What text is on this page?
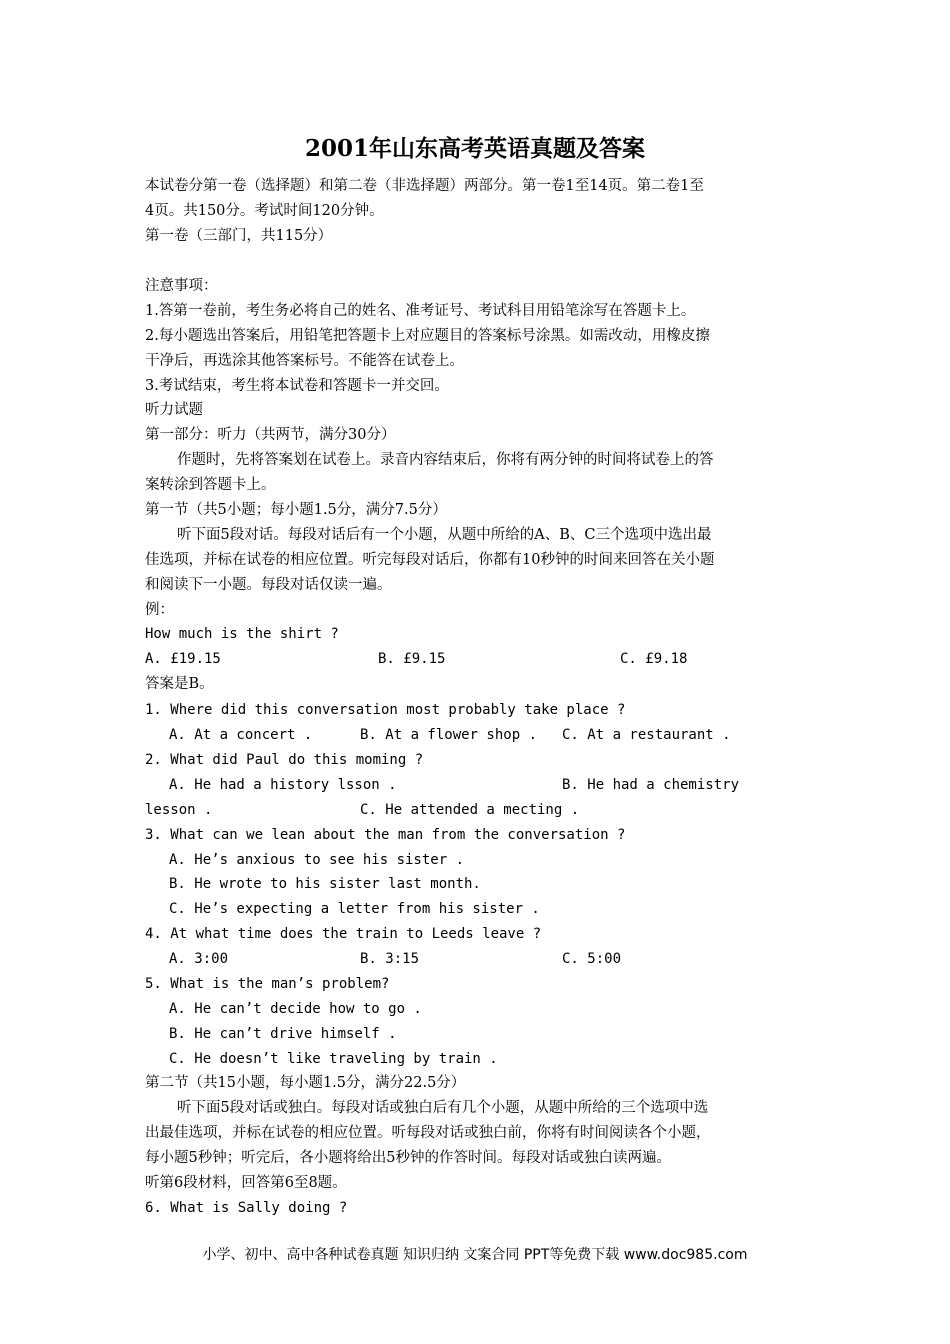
2001年山东高考英语真题及答案
本试卷分第一卷（选择题）和第二卷（非选择题）两部分。第一卷1至14页。第二卷1至
4页。共150分。考试时间120分钟。
第一卷（三部门，共115分）
注意事项：
1.答第一卷前，考生务必将自己的姓名、准考证号、考试科目用铅笔涂写在答题卡上。
2.每小题选出答案后，用铅笔把答题卡上对应题目的答案标号涂黑。如需改动，用橡皮擦
干净后，再选涂其他答案标号。不能答在试卷上。
3.考试结束，考生将本试卷和答题卡一并交回。
听力试题
第一部分：听力（共两节，满分30分）
作题时，先将答案划在试卷上。录音内容结束后，你将有两分钟的时间将试卷上的答
案转涂到答题卡上。
第一节（共5小题；每小题1.5分，满分7.5分）
听下面5段对话。每段对话后有一个小题，从题中所给的A、B、C三个选项中选出最
佳选项，并标在试卷的相应位置。听完每段对话后，你都有10秒钟的时间来回答在关小题
和阅读下一小题。每段对话仅读一遍。
例：
How much is the shirt ?
A. £19.15	B. £9.15	C. £9.18
答案是B。
1. Where did this conversation most probably take place ?
A. At a concert .	B. At a flower shop . C. At a restaurant .
2. What did Paul do this moming ?
A. He had a history lsson .	B. He had a chemistry
lesson .	C. He attended a mecting .
3. What can we lean about the man from the conversation ?
A. He’s anxious to see his sister .
B. He wrote to his sister last month.
C. He’s expecting a letter from his sister .
4. At what time does the train to Leeds leave ?
A. 3:00	B. 3:15	C. 5:00
5. What is the man’s problem?
A. He can’t decide how to go .
B. He can’t drive himself .
C. He doesn’t like traveling by train .
第二节（共15小题，每小题1.5分，满分22.5分）
听下面5段对话或独白。每段对话或独白后有几个小题，从题中所给的三个选项中选
出最佳选项，并标在试卷的相应位置。听每段对话或独白前，你将有时间阅读各个小题，
每小题5秒钟；听完后，各小题将给出5秒钟的作答时间。每段对话或独白读两遍。
听第6段材料，回答第6至8题。
6. What is Sally doing ?
小学、初中、高中各种试卷真题 知识归纳 文案合同 PPT等免费下载 www.doc985.com
